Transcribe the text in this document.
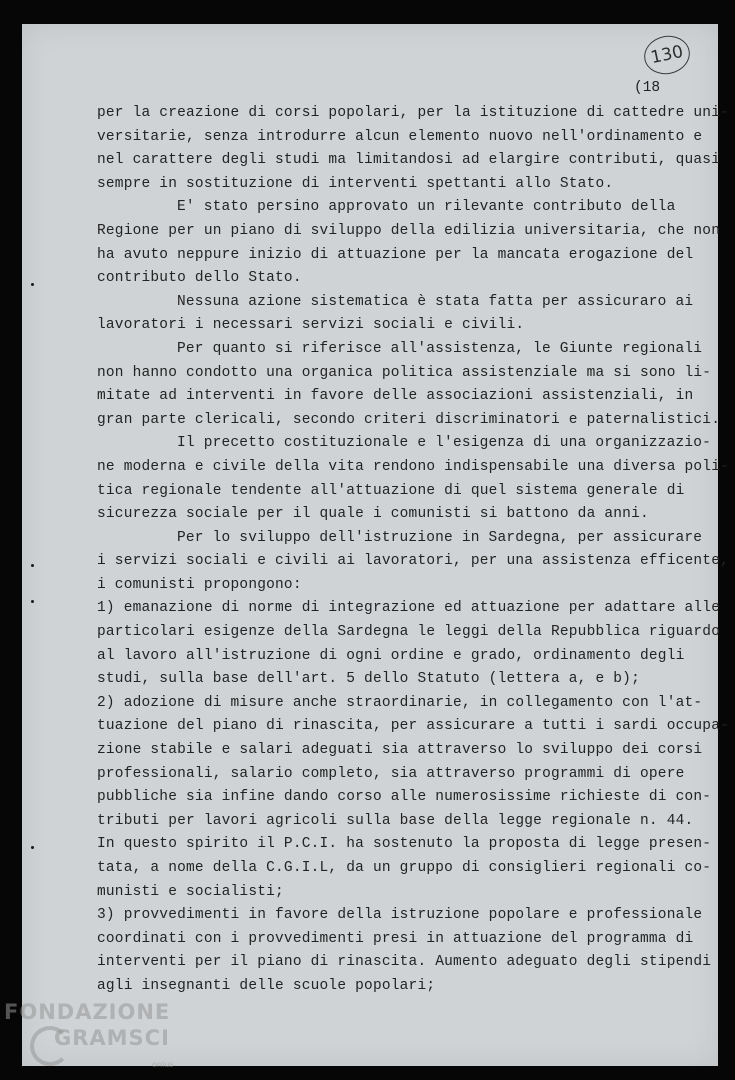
130
(18
per la creazione di corsi popolari, per la istituzione di cattedre uni-
versitarie, senza introdurre alcun elemento nuovo nell'ordinamento e
nel carattere degli studi ma limitandosi ad elargire contributi, quasi
sempre in sostituzione di interventi spettanti allo Stato.
E' stato persino approvato un rilevante contributo della
Regione per un piano di sviluppo della edilizia universitaria, che non
ha avuto neppure inizio di attuazione per la mancata erogazione del
contributo dello Stato.
Nessuna azione sistematica è stata fatta per assicuraro ai
lavoratori i necessari servizi sociali e civili.
Per quanto si riferisce all'assistenza, le Giunte regionali
non hanno condotto una organica politica assistenziale ma si sono li-
mitate ad interventi in favore delle associazioni assistenziali, in
gran parte clericali, secondo criteri discriminatori e paternalistici.
Il precetto costituzionale e l'esigenza di una organizzazio-
ne moderna e civile della vita rendono indispensabile una diversa poli-
tica regionale tendente all'attuazione di quel sistema generale di
sicurezza sociale per il quale i comunisti si battono da anni.
Per lo sviluppo dell'istruzione in Sardegna, per assicurare
i servizi sociali e civili ai lavoratori, per una assistenza efficente,
i comunisti propongono:
1) emanazione di norme di integrazione ed attuazione per adattare alle
particolari esigenze della Sardegna le leggi della Repubblica riguardo
al lavoro all'istruzione di ogni ordine e grado, ordinamento degli
studi, sulla base dell'art. 5 dello Statuto (lettera a, e b);
2) adozione di misure anche straordinarie, in collegamento con l'at-
tuazione del piano di rinascita, per assicurare a tutti i sardi occupa-
zione stabile e salari adeguati sia attraverso lo sviluppo dei corsi
professionali, salario completo, sia attraverso programmi di opere
pubbliche sia infine dando corso alle numerosissime richieste di con-
tributi per lavori agricoli sulla base della legge regionale n. 44.
In questo spirito il P.C.I. ha sostenuto la proposta di legge presen-
tata, a nome della C.G.I.L, da un gruppo di consiglieri regionali co-
munisti e socialisti;
3) provvedimenti in favore della istruzione popolare e professionale
coordinati con i provvedimenti presi in attuazione del programma di
interventi per il piano di rinascita. Aumento adeguato degli stipendi
agli insegnanti delle scuole popolari;
FONDAZIONE
GRAMSCI
onlus
